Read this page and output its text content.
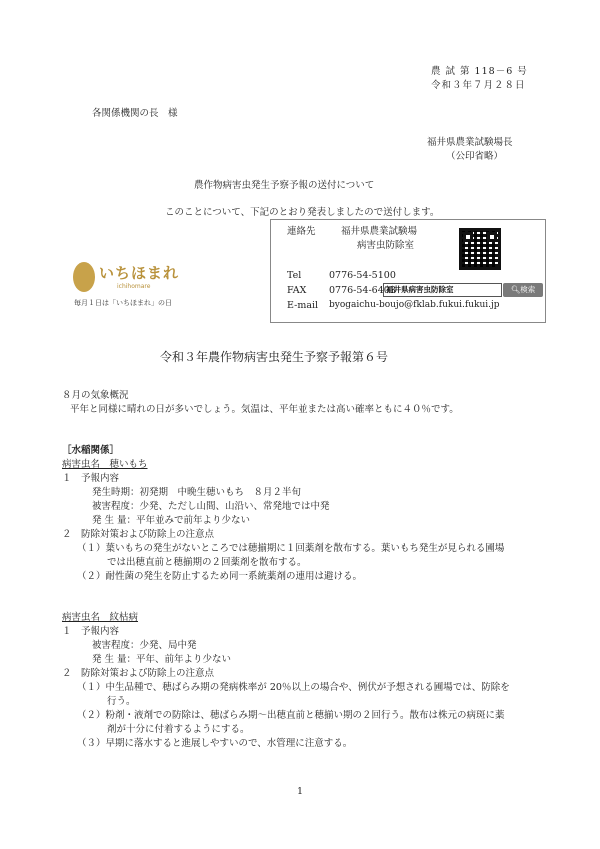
農 試 第 118－6 号
令和３年７月２８日
各関係機関の長　様
福井県農業試験場長
（公印省略）
農作物病害虫発生予察予報の送付について
このことについて、下記のとおり発表しましたので送付します。
連絡先	福井県農業試験場
病害虫防除室
Tel	0776-54-5100
FAX 0776-54-6403
E-mail byogaichu-boujo@fklab.fukui.fukui.jp
福井県病害虫防除室	🔍︎検索
いちほまれ
ichihomare
毎月１日は「いちほまれ」の日
令和３年農作物病害虫発生予察予報第６号
８月の気象概況
平年と同様に晴れの日が多いでしょう。気温は、平年並または高い確率ともに４０％です。
［水稲関係］
病害虫名　穂いもち
１　予報内容
発生時期：初発期　中晩生穂いもち　８月２半旬
被害程度：少発、ただし山間、山沿い、常発地では中発
発 生 量：平年並みで前年より少ない
２　防除対策および防除上の注意点
（１）葉いもちの発生がないところでは穂揃期に１回薬剤を散布する。葉いもち発生が見られる圃場
では出穂直前と穂揃期の２回薬剤を散布する。
（２）耐性菌の発生を防止するため同一系統薬剤の連用は避ける。
病害虫名　紋枯病
１　予報内容
被害程度：少発、局中発
発 生 量：平年、前年より少ない
２　防除対策および防除上の注意点
（１）中生品種で、穂ばらみ期の発病株率が 20％以上の場合や、例伏が予想される圃場では、防除を
行う。
（２）粉剤・液剤での防除は、穂ばらみ期～出穂直前と穂揃い期の２回行う。散布は株元の病斑に薬
剤が十分に付着するようにする。
（３）早期に落水すると進展しやすいので、水管理に注意する。
1
